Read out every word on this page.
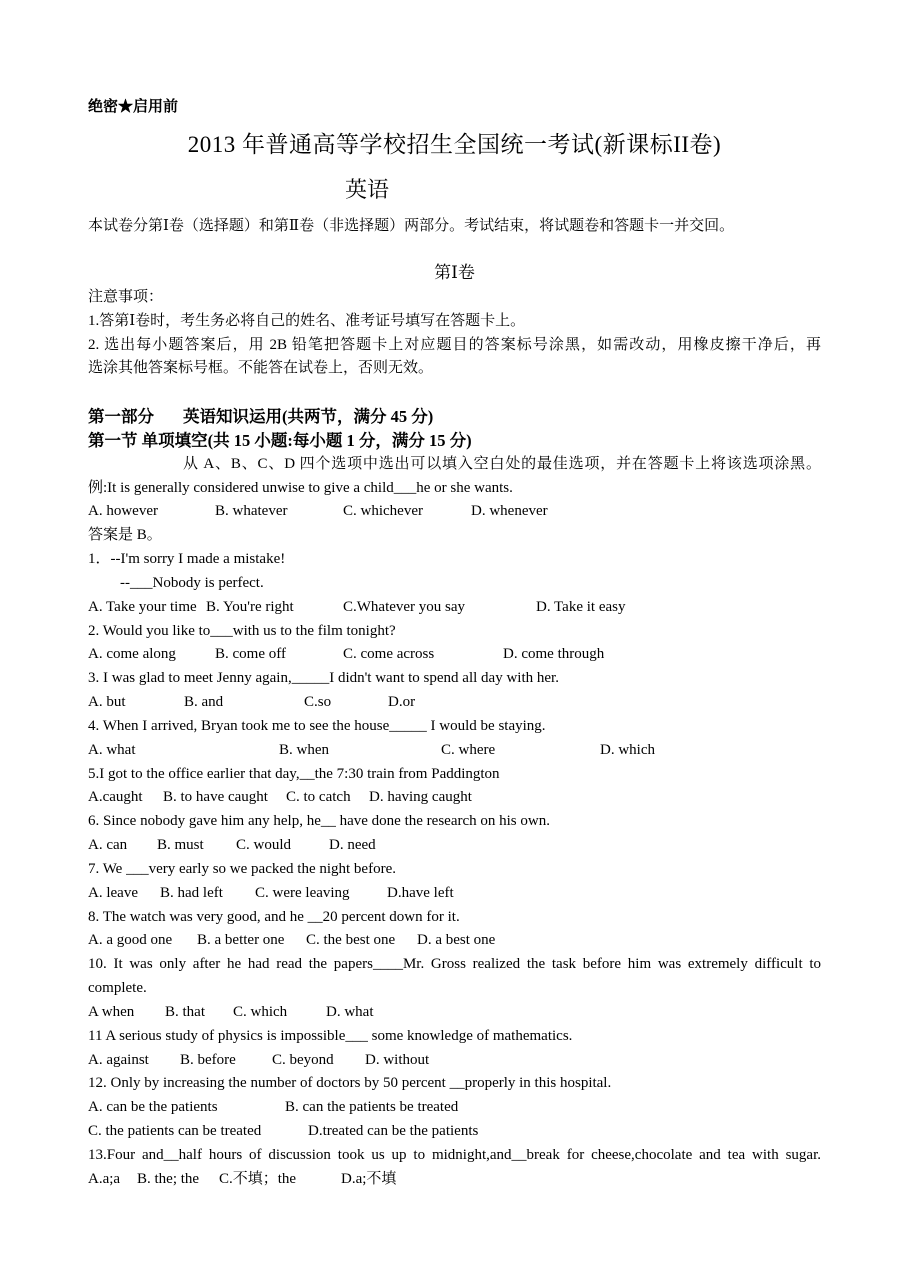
绝密★启用前
2013 年普通高等学校招生全国统一考试(新课标II卷)
英语
本试卷分第Ⅰ卷（选择题）和第Ⅱ卷（非选择题）两部分。考试结束，将试题卷和答题卡一并交回。
第Ⅰ卷
注意事项：
1.答第Ⅰ卷时，考生务必将自己的姓名、准考证号填写在答题卡上。
2. 选出每小题答案后，用 2B 铅笔把答题卡上对应题目的答案标号涂黑，如需改动，用橡皮擦干净后，再
选涂其他答案标号框。不能答在试卷上，否则无效。
第一部分 英语知识运用(共两节，满分 45 分)
第一节 单项填空(共 15 小题:每小题 1 分，满分 15 分)
从 A、B、C、D 四个选项中选出可以填入空白处的最佳选项，并在答题卡上将该选项涂黑。
例:It is generally considered unwise to give a child___he or she wants.
A. however	B. whatever	C. whichever	D. whenever
答案是 B。
1．--I'm sorry I made a mistake!
--___Nobody is perfect.
A. Take your time B. You're right	C.Whatever you say	D. Take it easy
2. Would you like to___with us to the film tonight?
A. come along	B. come off	C. come across	D. come through
3. I was glad to meet Jenny again,_____I didn't want to spend all day with her.
A. but	B. and	C.so	D.or
4. When I arrived, Bryan took me to see the house_____ I would be staying.
A. what	B. when	C. where	D. which
5.I got to the office earlier that day,__the 7:30 train from Paddington
A.caught B. to have caught C. to catch D. having caught
6. Since nobody gave him any help, he__ have done the research on his own.
A. can B. must C. would	D. need
7. We ___very early so we packed the night before.
A. leave B. had left C. were leaving D.have left
8. The watch was very good, and he __20 percent down for it.
A. a good one B. a better one C. the best one D. a best one
10. It was only after he had read the papers____Mr. Gross realized the task before him was extremely difficult to
complete.
A when B. that C. which	D. what
11 A serious study of physics is impossible___ some knowledge of mathematics.
A. against B. before C. beyond D. without
12. Only by increasing the number of doctors by 50 percent __properly in this hospital.
A. can be the patients	B. can the patients be treated
C. the patients can be treated	D.treated can be the patients
13.Four and__half hours of discussion took us up to midnight,and__break for cheese,chocolate and tea with sugar.
A.a;a B. the; the C.不填；the	D.a;不填
